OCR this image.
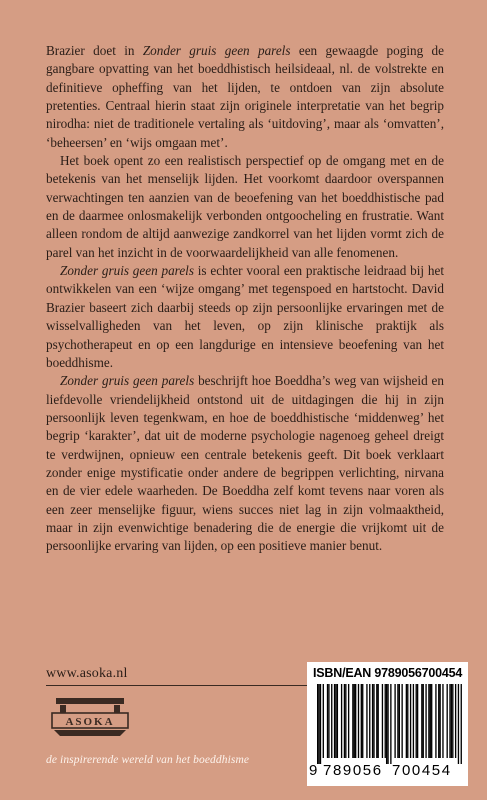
Brazier doet in Zonder gruis geen parels een gewaagde poging de gangbare opvatting van het boeddhistisch heilsideaal, nl. de volstrekte en definitieve opheffing van het lijden, te ontdoen van zijn absolute pretenties. Centraal hierin staat zijn originele interpretatie van het begrip nirodha: niet de traditionele vertaling als ‘uitdoving’, maar als ‘omvatten’, ‘beheersen’ en ‘wijs omgaan met’.

Het boek opent zo een realistisch perspectief op de omgang met en de betekenis van het menselijk lijden. Het voorkomt daardoor overspannen verwachtingen ten aanzien van de beoefening van het boeddhistische pad en de daarmee onlosmakelijk verbonden ontgoocheling en frustratie. Want alleen rondom de altijd aanwezige zandkorrel van het lijden vormt zich de parel van het inzicht in de voorwaardelijkheid van alle fenomenen.

Zonder gruis geen parels is echter vooral een praktische leidraad bij het ontwikkelen van een ‘wijze omgang’ met tegenspoed en hartstocht. David Brazier baseert zich daarbij steeds op zijn persoonlijke ervaringen met de wisselvalligheden van het leven, op zijn klinische praktijk als psychotherapeut en op een langdurige en intensieve beoefening van het boeddhisme.

Zonder gruis geen parels beschrijft hoe Boeddha’s weg van wijsheid en liefdevolle vriendelijkheid ontstond uit de uitdagingen die hij in zijn persoonlijk leven tegenkwam, en hoe de boeddhistische ‘middenweg’ het begrip ‘karakter’, dat uit de moderne psychologie nagenoeg geheel dreigt te verdwijnen, opnieuw een centrale betekenis geeft. Dit boek verklaart zonder enige mystificatie onder andere de begrippen verlichting, nirvana en de vier edele waarheden. De Boeddha zelf komt tevens naar voren als een zeer menselijke figuur, wiens succes niet lag in zijn volmaaktheid, maar in zijn evenwichtige benadering die de energie die vrijkomt uit de persoonlijke ervaring van lijden, op een positieve manier benut.

www.asoka.nl
ASOKA
de inspirerende wereld van het boeddhisme
ISBN/EAN 9789056700454
9 789056 700454
